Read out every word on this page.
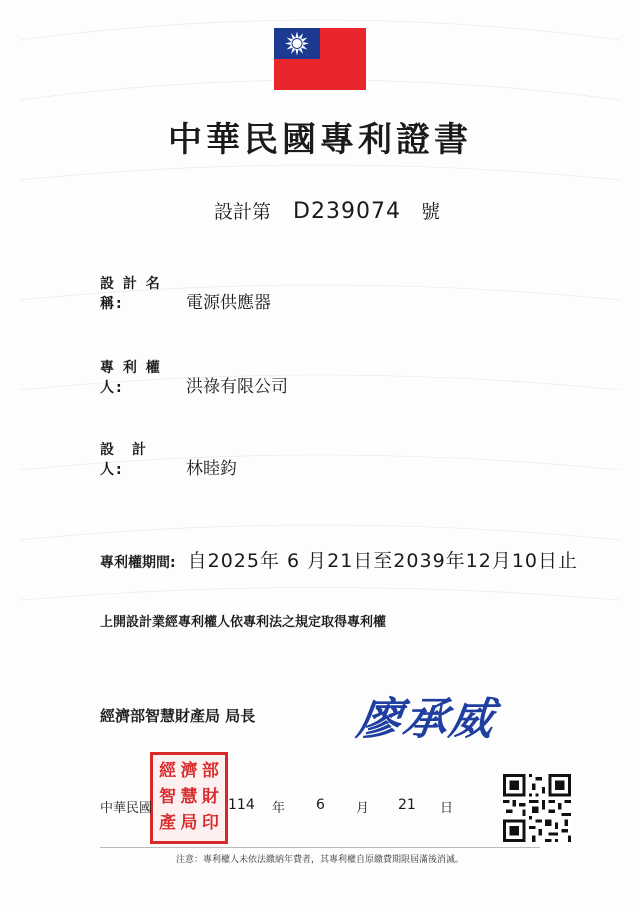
中華民國專利證書
設計第 D239074 號
設 計 名 稱:	電源供應器
專 利 權 人:	洪祿有限公司
設　計　人:	林睦鈞
專利權期間: 自2025年 6 月21日至2039年12月10日止
上開設計業經專利權人依專利法之規定取得專利權
經濟部智慧財產局 局長 廖承威
經 濟 部
智 慧 財
產 局 印
中華民國	114 年 6 月 21 日
注意：專利權人未依法繳納年費者，其專利權自原繳費期限屆滿後消滅。
